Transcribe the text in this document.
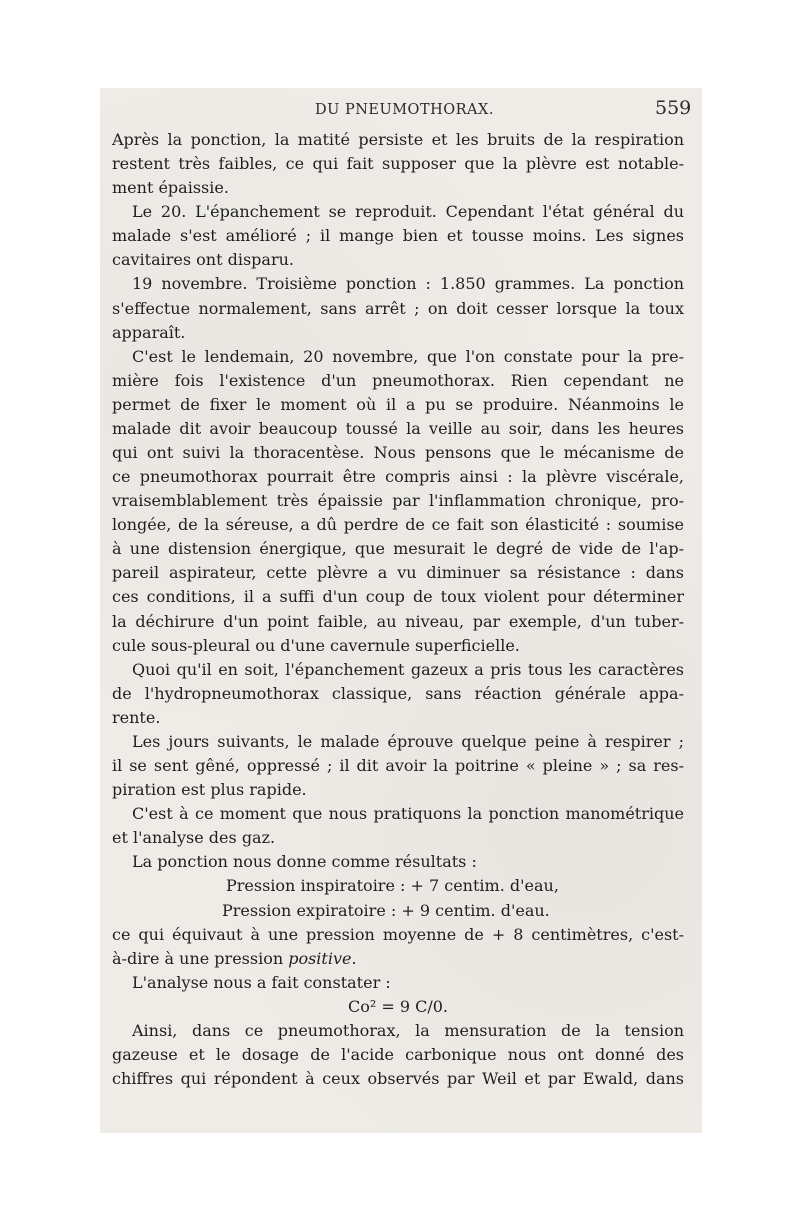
DU PNEUMOTHORAX.	559
Après la ponction, la matité persiste et les bruits de la respiration
restent très faibles, ce qui fait supposer que la plèvre est notable-
ment épaissie.
Le 20. L'épanchement se reproduit. Cependant l'état général du
malade s'est amélioré ; il mange bien et tousse moins. Les signes
cavitaires ont disparu.
19 novembre. Troisième ponction : 1.850 grammes. La ponction
s'effectue normalement, sans arrêt ; on doit cesser lorsque la toux
apparaît.
C'est le lendemain, 20 novembre, que l'on constate pour la pre-
mière fois l'existence d'un pneumothorax. Rien cependant ne
permet de fixer le moment où il a pu se produire. Néanmoins le
malade dit avoir beaucoup toussé la veille au soir, dans les heures
qui ont suivi la thoracentèse. Nous pensons que le mécanisme de
ce pneumothorax pourrait être compris ainsi : la plèvre viscérale,
vraisemblablement très épaissie par l'inflammation chronique, pro-
longée, de la séreuse, a dû perdre de ce fait son élasticité : soumise
à une distension énergique, que mesurait le degré de vide de l'ap-
pareil aspirateur, cette plèvre a vu diminuer sa résistance : dans
ces conditions, il a suffi d'un coup de toux violent pour déterminer
la déchirure d'un point faible, au niveau, par exemple, d'un tuber-
cule sous-pleural ou d'une cavernule superficielle.
Quoi qu'il en soit, l'épanchement gazeux a pris tous les caractères
de l'hydropneumothorax classique, sans réaction générale appa-
rente.
Les jours suivants, le malade éprouve quelque peine à respirer ;
il se sent gêné, oppressé ; il dit avoir la poitrine « pleine » ; sa res-
piration est plus rapide.
C'est à ce moment que nous pratiquons la ponction manométrique
et l'analyse des gaz.
La ponction nous donne comme résultats :
Pression inspiratoire : + 7 centim. d'eau,
Pression expiratoire : + 9 centim. d'eau.
ce qui équivaut à une pression moyenne de + 8 centimètres, c'est-
à-dire à une pression positive.
L'analyse nous a fait constater :
Co² = 9 C/0.
Ainsi, dans ce pneumothorax, la mensuration de la tension
gazeuse et le dosage de l'acide carbonique nous ont donné des
chiffres qui répondent à ceux observés par Weil et par Ewald, dans
